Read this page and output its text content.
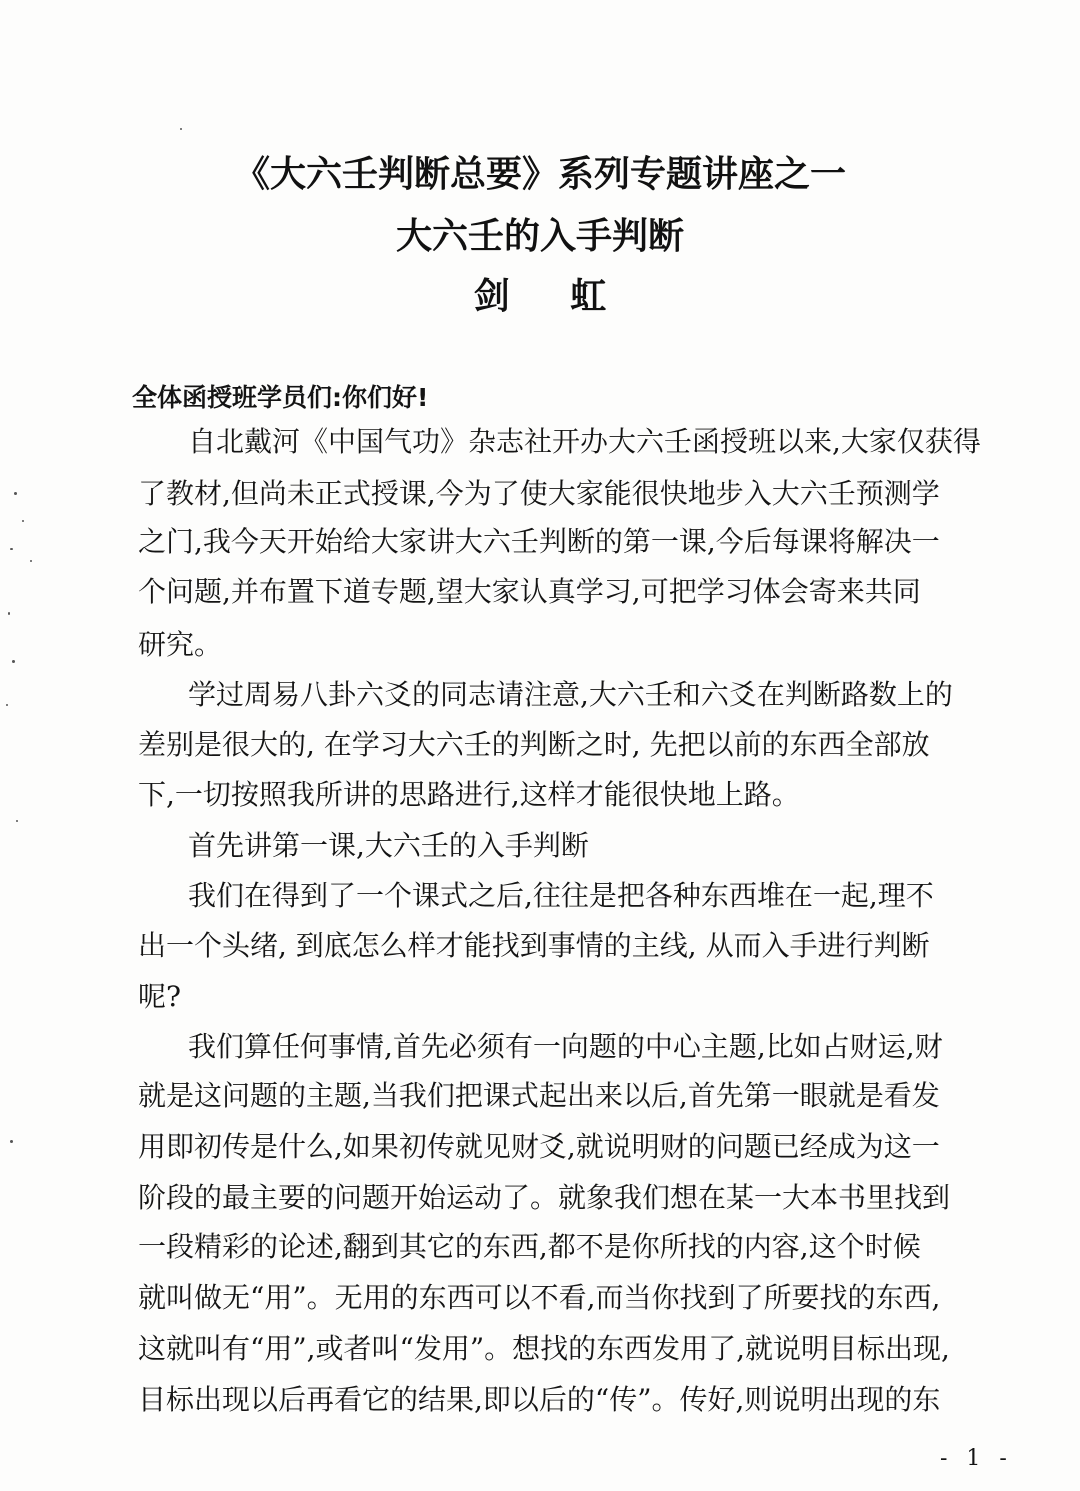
《大六壬判断总要》系列专题讲座之一
大六壬的入手判断
剑 虹
全体函授班学员们:你们好!
自北戴河《中国气功》杂志社开办大六壬函授班以来,大家仅获得
了教材,但尚未正式授课,今为了使大家能很快地步入大六壬预测学
之门,我今天开始给大家讲大六壬判断的第一课,今后每课将解决一
个问题,并布置下道专题,望大家认真学习,可把学习体会寄来共同
研究。
学过周易八卦六爻的同志请注意,大六壬和六爻在判断路数上的
差别是很大的, 在学习大六壬的判断之时, 先把以前的东西全部放
下,一切按照我所讲的思路进行,这样才能很快地上路。
首先讲第一课,大六壬的入手判断
我们在得到了一个课式之后,往往是把各种东西堆在一起,理不
出一个头绪, 到底怎么样才能找到事情的主线, 从而入手进行判断
呢?
我们算任何事情,首先必须有一向题的中心主题,比如占财运,财
就是这问题的主题,当我们把课式起出来以后,首先第一眼就是看发
用即初传是什么,如果初传就见财爻,就说明财的问题已经成为这一
阶段的最主要的问题开始运动了。就象我们想在某一大本书里找到
一段精彩的论述,翻到其它的东西,都不是你所找的内容,这个时候
就叫做无“用”。无用的东西可以不看,而当你找到了所要找的东西,
这就叫有“用”,或者叫“发用”。想找的东西发用了,就说明目标出现,
目标出现以后再看它的结果,即以后的“传”。传好,则说明出现的东
- 1 -
